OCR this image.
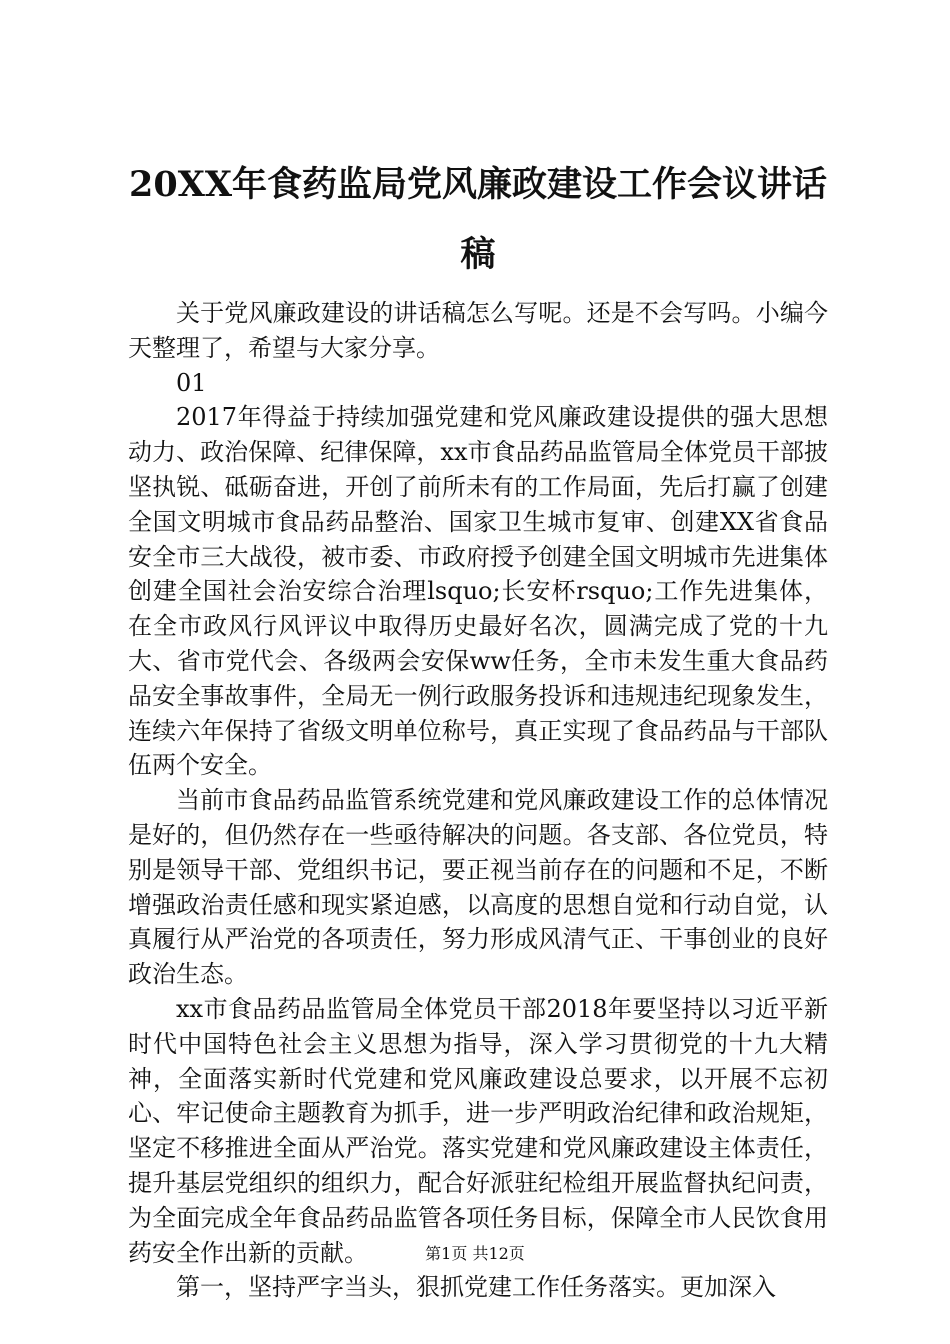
20XX年食药监局党风廉政建设工作会议讲话稿

关于党风廉政建设的讲话稿怎么写呢。还是不会写吗。小编今天整理了，希望与大家分享。

01

2017年得益于持续加强党建和党风廉政建设提供的强大思想动力、政治保障、纪律保障，xx市食品药品监管局全体党员干部披坚执锐、砥砺奋进，开创了前所未有的工作局面，先后打赢了创建全国文明城市食品药品整治、国家卫生城市复审、创建XX省食品安全市三大战役，被市委、市政府授予创建全国文明城市先进集体创建全国社会治安综合治理lsquo;长安杯rsquo;工作先进集体，在全市政风行风评议中取得历史最好名次，圆满完成了党的十九大、省市党代会、各级两会安保ww任务，全市未发生重大食品药品安全事故事件，全局无一例行政服务投诉和违规违纪现象发生，连续六年保持了省级文明单位称号，真正实现了食品药品与干部队伍两个安全。

当前市食品药品监管系统党建和党风廉政建设工作的总体情况是好的，但仍然存在一些亟待解决的问题。各支部、各位党员，特别是领导干部、党组织书记，要正视当前存在的问题和不足，不断增强政治责任感和现实紧迫感，以高度的思想自觉和行动自觉，认真履行从严治党的各项责任，努力形成风清气正、干事创业的良好政治生态。

xx市食品药品监管局全体党员干部2018年要坚持以习近平新时代中国特色社会主义思想为指导，深入学习贯彻党的十九大精神，全面落实新时代党建和党风廉政建设总要求，以开展不忘初心、牢记使命主题教育为抓手，进一步严明政治纪律和政治规矩，坚定不移推进全面从严治党。落实党建和党风廉政建设主体责任，提升基层党组织的组织力，配合好派驻纪检组开展监督执纪问责，为全面完成全年食品药品监管各项任务目标，保障全市人民饮食用药安全作出新的贡献。

第一，坚持严字当头，狠抓党建工作任务落实。更加深入

第1页 共12页
